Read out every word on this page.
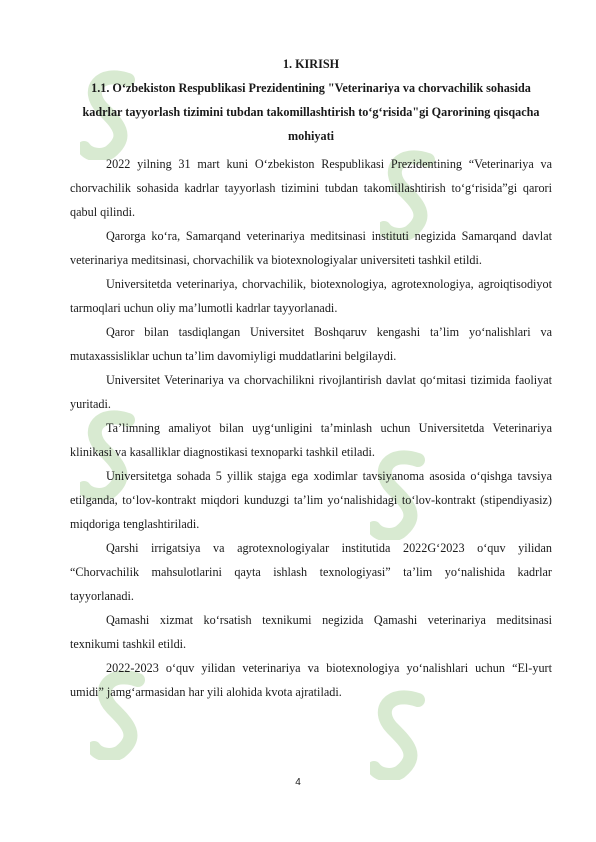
1. KIRISH

1.1. O‘zbekiston Respublikasi Prezidentining "Veterinariya va chorvachilik sohasida kadrlar tayyorlash tizimini tubdan takomillashtirish to‘g‘risida"gi Qarorining qisqacha mohiyati

2022 yilning 31 mart kuni O‘zbekiston Respublikasi Prezidentining “Veterinariya va chorvachilik sohasida kadrlar tayyorlash tizimini tubdan takomillashtirish to‘g‘risida”gi qarori qabul qilindi.

Qarorga ko‘ra, Samarqand veterinariya meditsinasi instituti negizida Samarqand davlat veterinariya meditsinasi, chorvachilik va biotexnologiyalar universiteti tashkil etildi.

Universitetda veterinariya, chorvachilik, biotexnologiya, agrotexnologiya, agroiqtisodiyot tarmoqlari uchun oliy ma’lumotli kadrlar tayyorlanadi.

Qaror bilan tasdiqlangan Universitet Boshqaruv kengashi ta’lim yo‘nalishlari va mutaxassisliklar uchun ta’lim davomiyligi muddatlarini belgilaydi.

Universitet Veterinariya va chorvachilikni rivojlantirish davlat qo‘mitasi tizimida faoliyat yuritadi.

Ta’limning amaliyot bilan uyg‘unligini ta’minlash uchun Universitetda Veterinariya klinikasi va kasalliklar diagnostikasi texnoparki tashkil etiladi.

Universitetga sohada 5 yillik stajga ega xodimlar tavsiyanoma asosida o‘qishga tavsiya etilganda, to‘lov-kontrakt miqdori kunduzgi ta’lim yo‘nalishidagi to‘lov-kontrakt (stipendiyasiz) miqdoriga tenglashtiriladi.

Qarshi irrigatsiya va agrotexnologiyalar institutida 2022G‘2023 o‘quv yilidan “Chorvachilik mahsulotlarini qayta ishlash texnologiyasi” ta’lim yo‘nalishida kadrlar tayyorlanadi.

Qamashi xizmat ko‘rsatish texnikumi negizida Qamashi veterinariya meditsinasi texnikumi tashkil etildi.

2022-2023 o‘quv yilidan veterinariya va biotexnologiya yo‘nalishlari uchun “El-yurt umidi” jamg‘armasidan har yili alohida kvota ajratiladi.

4
